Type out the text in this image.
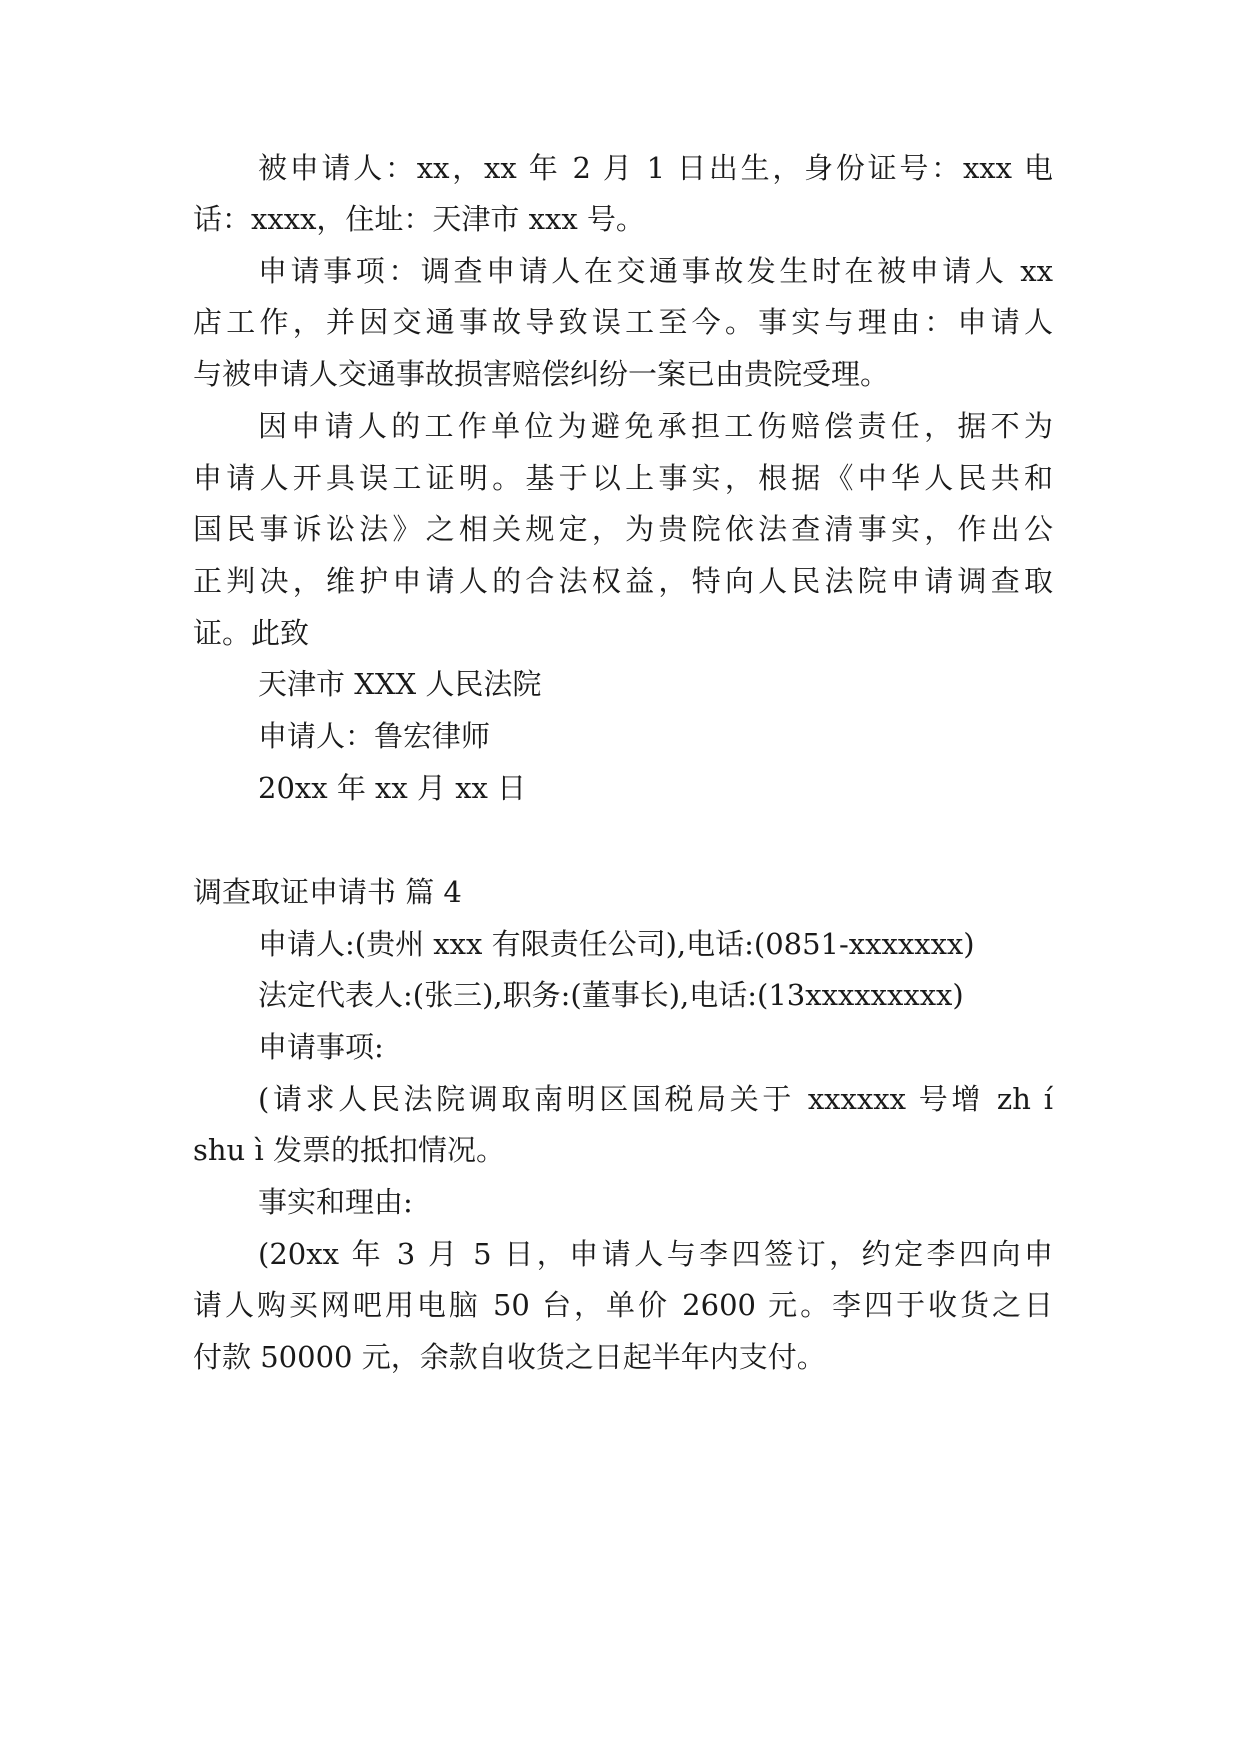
被申请人：xx，xx 年 2 月 1 日出生，身份证号：xxx 电
话：xxxx，住址：天津市 xxx 号。
申请事项：调查申请人在交通事故发生时在被申请人 xx
店工作，并因交通事故导致误工至今。事实与理由：申请人
与被申请人交通事故损害赔偿纠纷一案已由贵院受理。
因申请人的工作单位为避免承担工伤赔偿责任，据不为
申请人开具误工证明。基于以上事实，根据《中华人民共和
国民事诉讼法》之相关规定，为贵院依法查清事实，作出公
正判决，维护申请人的合法权益，特向人民法院申请调查取
证。此致
天津市 XXX 人民法院
申请人：鲁宏律师
20xx 年 xx 月 xx 日
调查取证申请书 篇 4
申请人:(贵州 xxx 有限责任公司),电话:(0851-xxxxxxx)
法定代表人:(张三),职务:(董事长),电话:(13xxxxxxxxx)
申请事项:
(请求人民法院调取南明区国税局关于 xxxxxx 号增 zh í
shu ì 发票的抵扣情况。
事实和理由:
(20xx 年 3 月 5 日，申请人与李四签订，约定李四向申
请人购买网吧用电脑 50 台，单价 2600 元。李四于收货之日
付款 50000 元，余款自收货之日起半年内支付。
